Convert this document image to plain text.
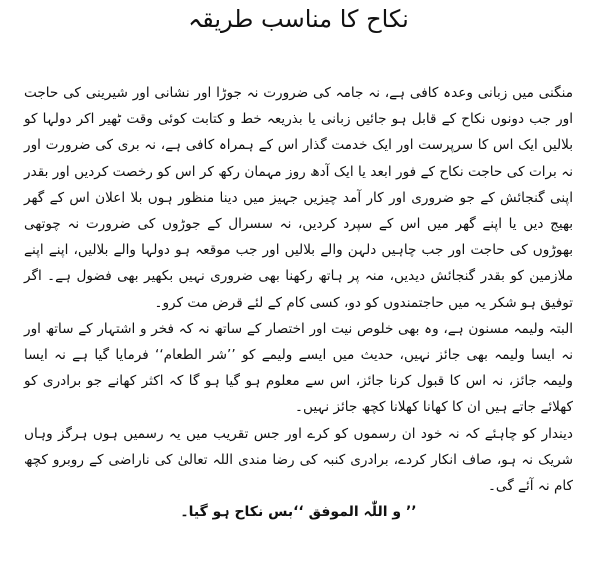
نکاح کا مناسب طریقہ

منگنی میں زبانی وعدہ کافی ہے، نہ جامہ کی ضرورت نہ جوڑا اور نشانی اور شیرینی کی حاجت اور جب دونوں نکاح کے قابل ہو جائیں زبانی یا بذریعہ خط و کتابت کوئی وقت ٹھیر اکر دولہا کو بلالیں ایک اس کا سرپرست اور ایک خدمت گذار اس کے ہمراہ کافی ہے، نہ بری کی ضرورت اور نہ برات کی حاجت نکاح کے فور ابعد یا ایک آدھ روز مہمان رکھ کر اس کو رخصت کردیں اور بقدر اپنی گنجائش کے جو ضروری اور کار آمد چیزیں جہیز میں دینا منظور ہوں بلا اعلان اس کے گھر بھیج دیں یا اپنے گھر میں اس کے سپرد کردیں، نہ سسرال کے جوڑوں کی ضرورت نہ چوتھی بھوڑوں کی حاجت اور جب چاہیں دلہن والے بلالیں اور جب موقعہ ہو دولہا والے بلالیں، اپنے اپنے ملازمین کو بقدر گنجائش دیدیں، منہ پر ہاتھ رکھنا بھی ضروری نہیں بکھیر بھی فضول ہے۔ اگر توفیق ہو شکر یہ میں حاجتمندوں کو دو، کسی کام کے لئے قرض مت کرو۔

البتہ ولیمہ مسنون ہے، وہ بھی خلوص نیت اور اختصار کے ساتھ نہ کہ فخر و اشتہار کے ساتھ اور نہ ایسا ولیمہ بھی جائز نہیں، حدیث میں ایسے ولیمے کو ’’شر الطعام‘‘ فرمایا گیا ہے نہ ایسا ولیمہ جائز، نہ اس کا قبول کرنا جائز، اس سے معلوم ہو گیا ہو گا کہ اکثر کھانے جو برادری کو کھلائے جاتے ہیں ان کا کھانا کھلانا کچھ جائز نہیں۔

دیندار کو چاہئے کہ نہ خود ان رسموں کو کرے اور جس تقریب میں یہ رسمیں ہوں ہرگز وہاں شریک نہ ہو، صاف انکار کردے، برادری کنبہ کی رضا مندی اللہ تعالیٰ کی ناراضی کے روبرو کچھ کام نہ آئے گی۔

’’ و اللّٰہ الموفق ‘‘بس نکاح ہو گیا۔
